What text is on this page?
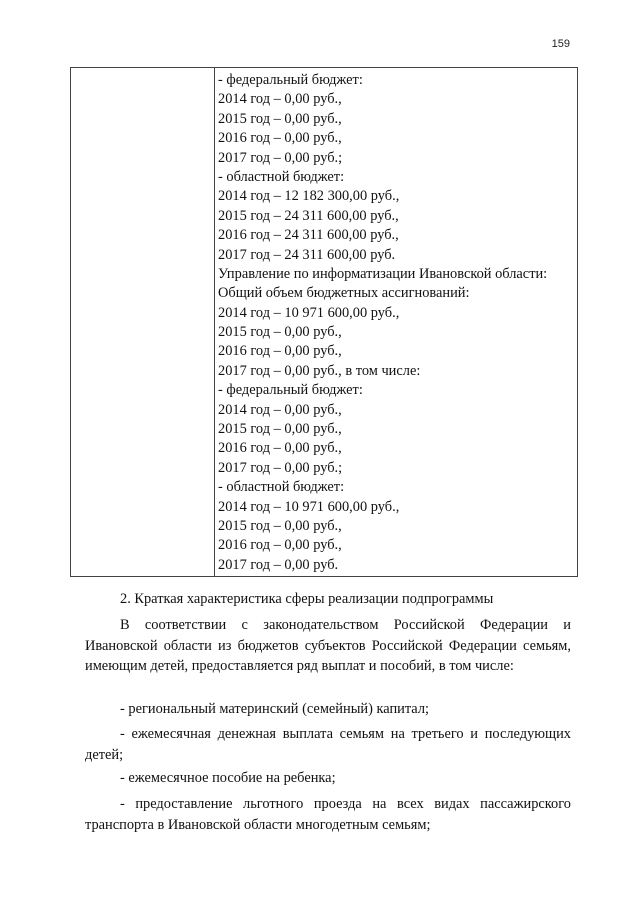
159
- федеральный бюджет:
2014 год – 0,00 руб.,
2015 год – 0,00 руб.,
2016 год – 0,00 руб.,
2017 год – 0,00 руб.;
- областной бюджет:
2014 год – 12 182 300,00 руб.,
2015 год – 24 311 600,00 руб.,
2016 год – 24 311 600,00 руб.,
2017 год – 24 311 600,00 руб.
Управление по информатизации Ивановской области:
Общий объем бюджетных ассигнований:
2014 год – 10 971 600,00 руб.,
2015 год – 0,00 руб.,
2016 год – 0,00 руб.,
2017 год – 0,00 руб., в том числе:
- федеральный бюджет:
2014 год – 0,00 руб.,
2015 год – 0,00 руб.,
2016 год – 0,00 руб.,
2017 год – 0,00 руб.;
- областной бюджет:
2014 год – 10 971 600,00 руб.,
2015 год – 0,00 руб.,
2016 год – 0,00 руб.,
2017 год – 0,00 руб.
2. Краткая характеристика сферы реализации подпрограммы

В соответствии с законодательством Российской Федерации и Ивановской области из бюджетов субъектов Российской Федерации семьям, имеющим детей, предоставляется ряд выплат и пособий, в том числе:

- региональный материнский (семейный) капитал;

- ежемесячная денежная выплата семьям на третьего и последующих детей;

- ежемесячное пособие на ребенка;

- предоставление льготного проезда на всех видах пассажирского транспорта в Ивановской области многодетным семьям;
